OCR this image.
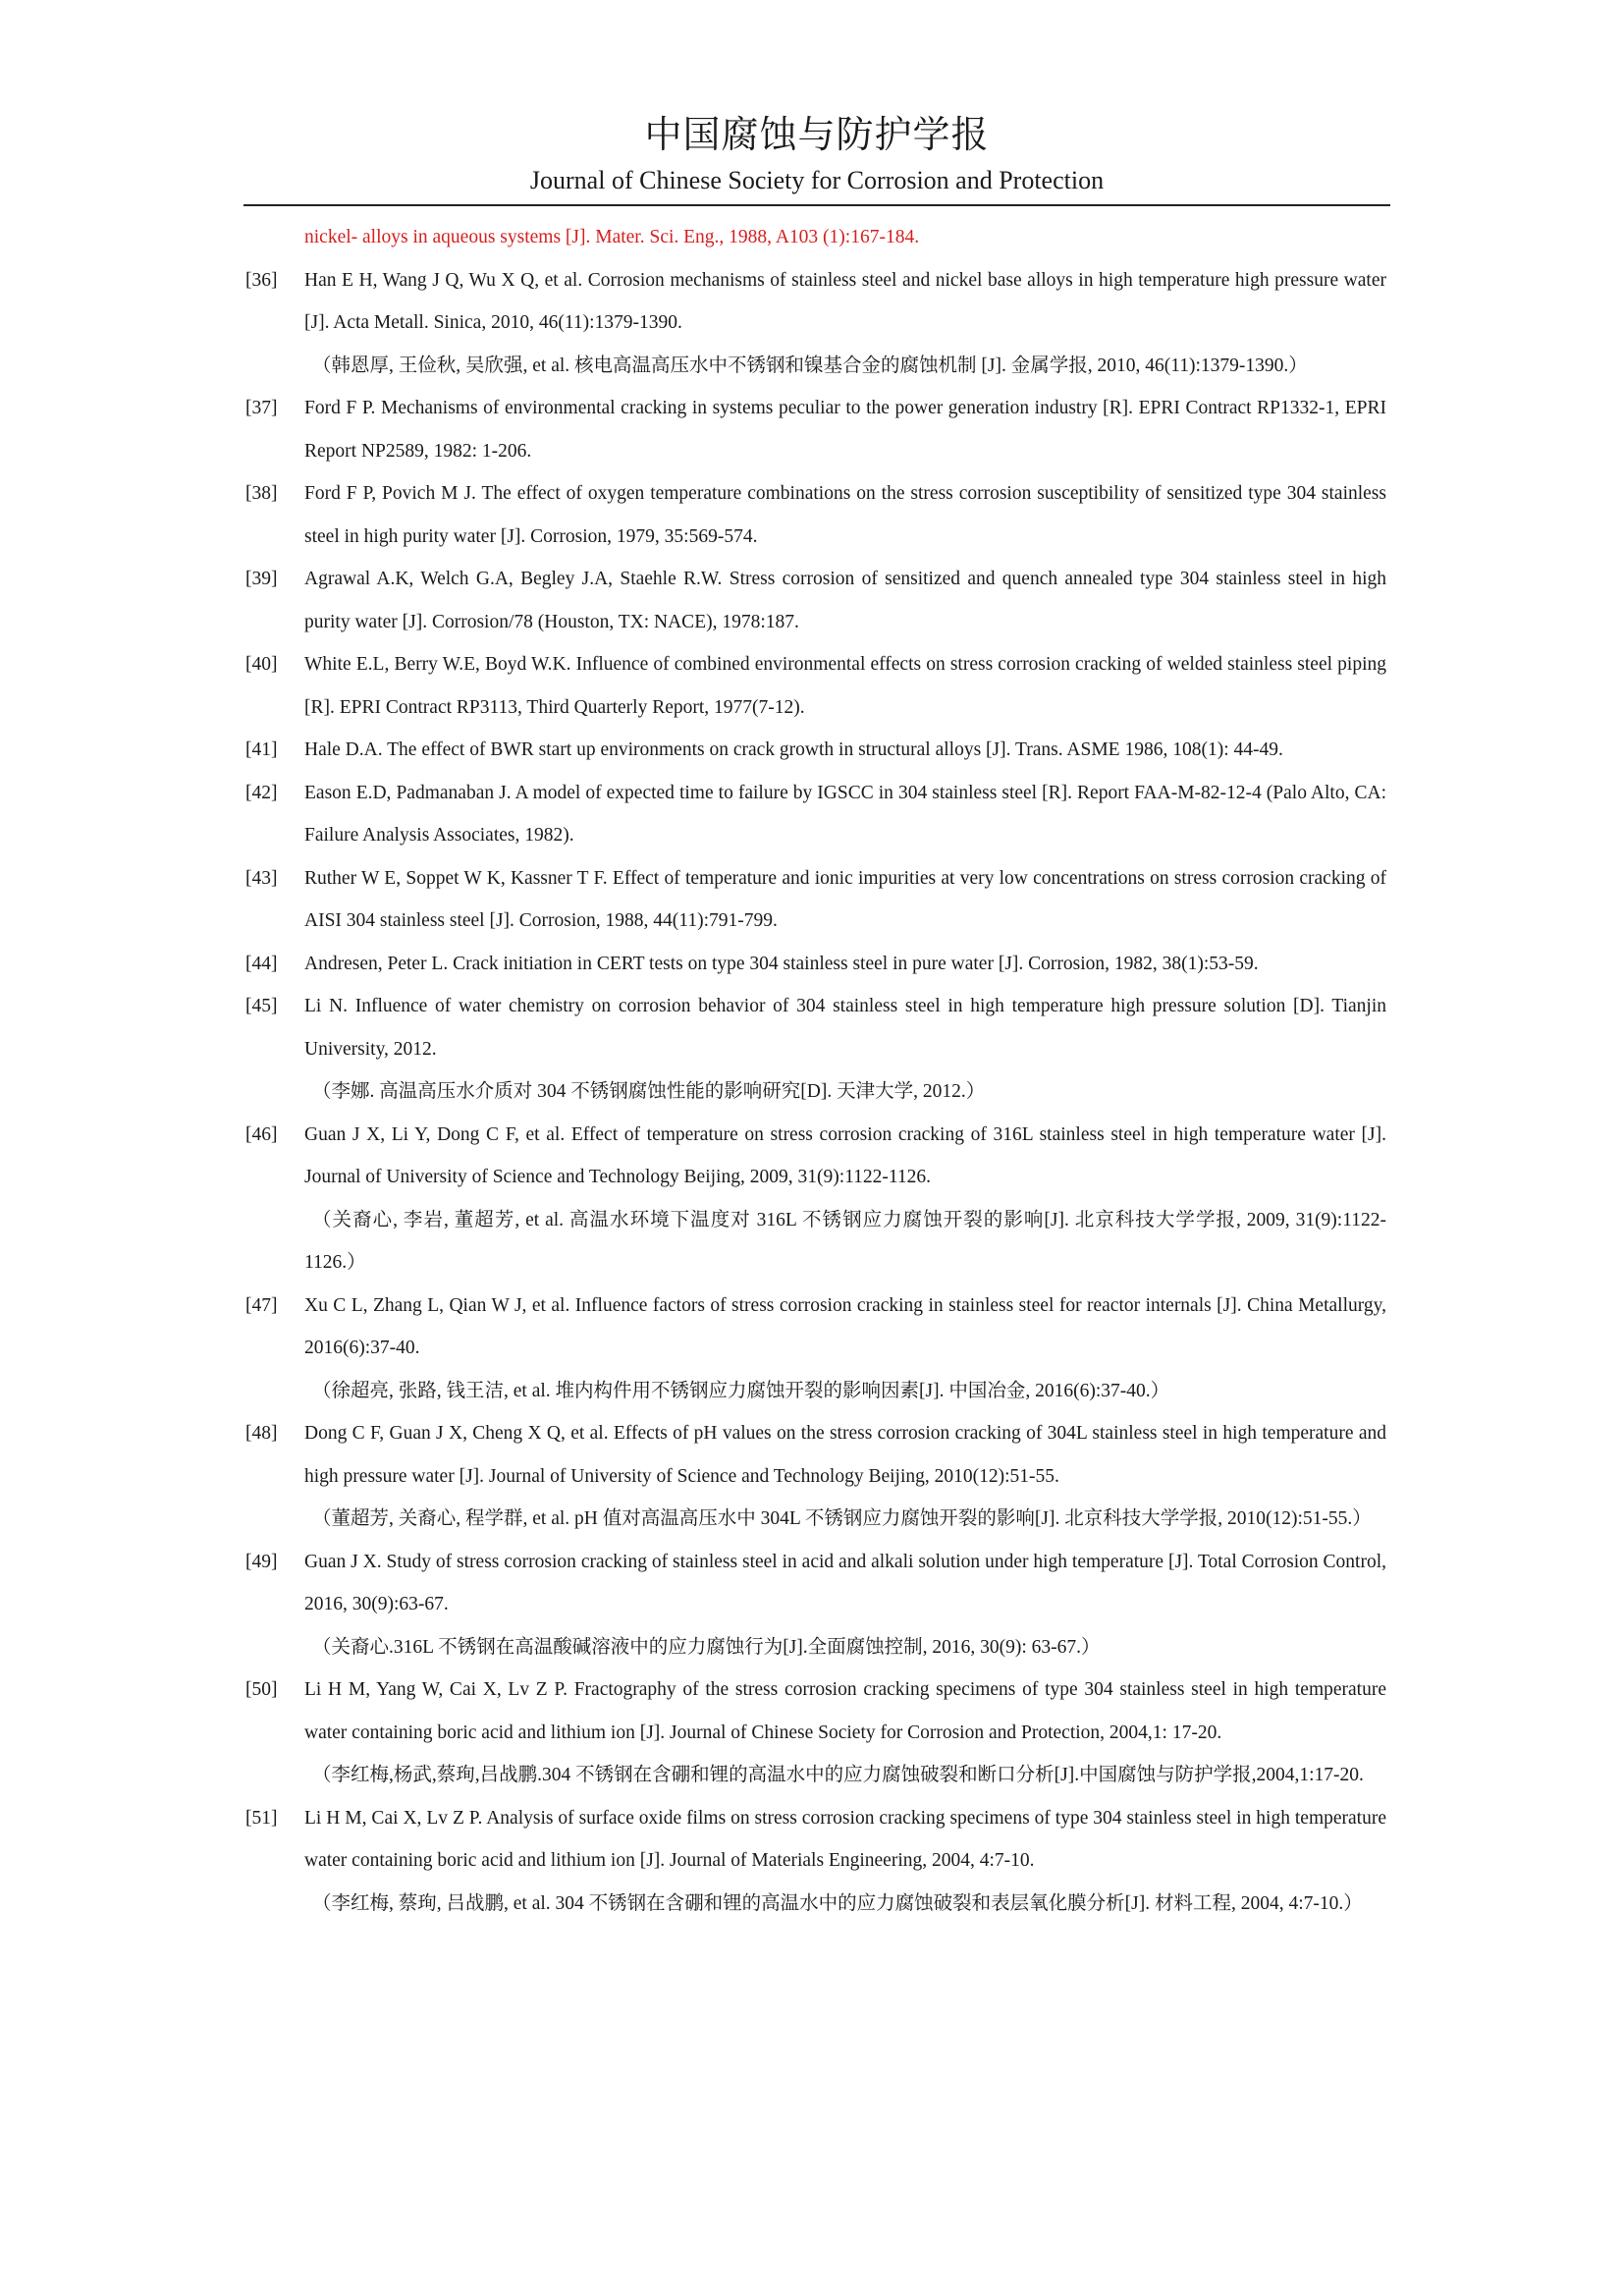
中国腐蚀与防护学报
Journal of Chinese Society for Corrosion and Protection
nickel- alloys in aqueous systems [J]. Mater. Sci. Eng., 1988, A103 (1):167-184.
[36] Han E H, Wang J Q, Wu X Q, et al. Corrosion mechanisms of stainless steel and nickel base alloys in high temperature high pressure water [J]. Acta Metall. Sinica, 2010, 46(11):1379-1390.
（韩恩厚, 王俭秋, 吴欣强, et al. 核电高温高压水中不锈钢和镍基合金的腐蚀机制 [J]. 金属学报, 2010, 46(11):1379-1390.）
[37] Ford F P. Mechanisms of environmental cracking in systems peculiar to the power generation industry [R]. EPRI Contract RP1332-1, EPRI Report NP2589, 1982: 1-206.
[38] Ford F P, Povich M J. The effect of oxygen temperature combinations on the stress corrosion susceptibility of sensitized type 304 stainless steel in high purity water [J]. Corrosion, 1979, 35:569-574.
[39] Agrawal A.K, Welch G.A, Begley J.A, Staehle R.W. Stress corrosion of sensitized and quench annealed type 304 stainless steel in high purity water [J]. Corrosion/78 (Houston, TX: NACE), 1978:187.
[40] White E.L, Berry W.E, Boyd W.K. Influence of combined environmental effects on stress corrosion cracking of welded stainless steel piping [R]. EPRI Contract RP3113, Third Quarterly Report, 1977(7-12).
[41] Hale D.A. The effect of BWR start up environments on crack growth in structural alloys [J]. Trans. ASME 1986, 108(1): 44-49.
[42] Eason E.D, Padmanaban J. A model of expected time to failure by IGSCC in 304 stainless steel [R]. Report FAA-M-82-12-4 (Palo Alto, CA: Failure Analysis Associates, 1982).
[43] Ruther W E, Soppet W K, Kassner T F. Effect of temperature and ionic impurities at very low concentrations on stress corrosion cracking of AISI 304 stainless steel [J]. Corrosion, 1988, 44(11):791-799.
[44] Andresen, Peter L. Crack initiation in CERT tests on type 304 stainless steel in pure water [J]. Corrosion, 1982, 38(1):53-59.
[45] Li N. Influence of water chemistry on corrosion behavior of 304 stainless steel in high temperature high pressure solution [D]. Tianjin University, 2012.
（李娜. 高温高压水介质对 304 不锈钢腐蚀性能的影响研究[D]. 天津大学, 2012.）
[46] Guan J X, Li Y, Dong C F, et al. Effect of temperature on stress corrosion cracking of 316L stainless steel in high temperature water [J]. Journal of University of Science and Technology Beijing, 2009, 31(9):1122-1126.
（关裔心, 李岩, 董超芳, et al. 高温水环境下温度对 316L 不锈钢应力腐蚀开裂的影响[J]. 北京科技大学学报, 2009, 31(9):1122-1126.）
[47] Xu C L, Zhang L, Qian W J, et al. Influence factors of stress corrosion cracking in stainless steel for reactor internals [J]. China Metallurgy, 2016(6):37-40.
（徐超亮, 张路, 钱王洁, et al. 堆内构件用不锈钢应力腐蚀开裂的影响因素[J]. 中国冶金, 2016(6):37-40.）
[48] Dong C F, Guan J X, Cheng X Q, et al. Effects of pH values on the stress corrosion cracking of 304L stainless steel in high temperature and high pressure water [J]. Journal of University of Science and Technology Beijing, 2010(12):51-55.
（董超芳, 关裔心, 程学群, et al. pH 值对高温高压水中 304L 不锈钢应力腐蚀开裂的影响[J]. 北京科技大学学报, 2010(12):51-55.）
[49] Guan J X. Study of stress corrosion cracking of stainless steel in acid and alkali solution under high temperature [J]. Total Corrosion Control, 2016, 30(9):63-67.
（关裔心.316L 不锈钢在高温酸碱溶液中的应力腐蚀行为[J].全面腐蚀控制, 2016, 30(9): 63-67.）
[50] Li H M, Yang W, Cai X, Lv Z P. Fractography of the stress corrosion cracking specimens of type 304 stainless steel in high temperature water containing boric acid and lithium ion [J]. Journal of Chinese Society for Corrosion and Protection, 2004,1: 17-20.
（李红梅,杨武,蔡珣,吕战鹏.304 不锈钢在含硼和锂的高温水中的应力腐蚀破裂和断口分析[J].中国腐蚀与防护学报,2004,1:17-20.
[51] Li H M, Cai X, Lv Z P. Analysis of surface oxide films on stress corrosion cracking specimens of type 304 stainless steel in high temperature water containing boric acid and lithium ion [J]. Journal of Materials Engineering, 2004, 4:7-10.
（李红梅, 蔡珣, 吕战鹏, et al. 304 不锈钢在含硼和锂的高温水中的应力腐蚀破裂和表层氧化膜分析[J]. 材料工程, 2004, 4:7-10.）
